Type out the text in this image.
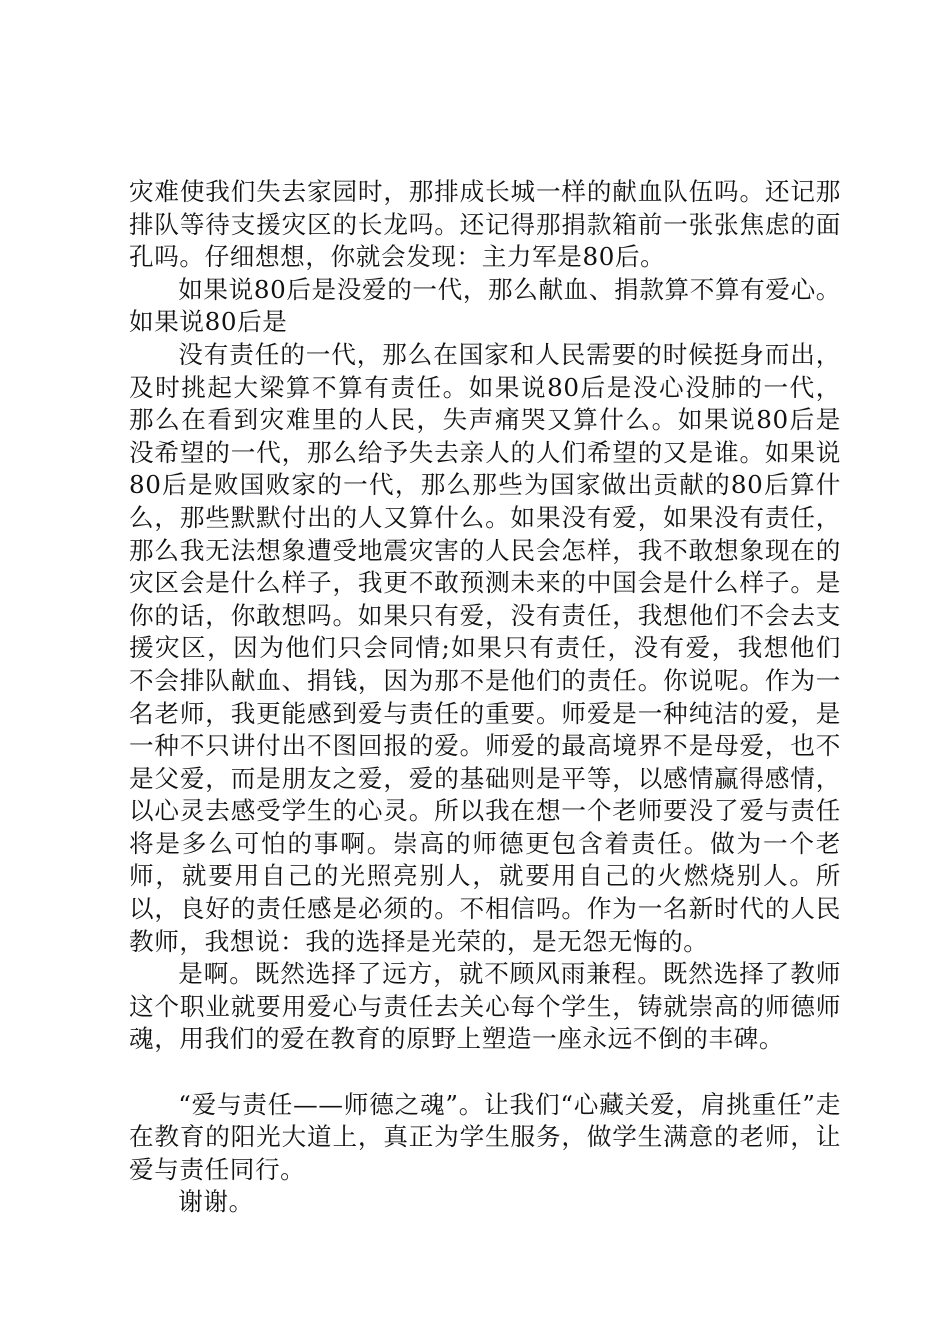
灾难使我们失去家园时，那排成长城一样的献血队伍吗。还记那排队等待支援灾区的长龙吗。还记得那捐款箱前一张张焦虑的面孔吗。仔细想想，你就会发现：主力军是80后。

如果说80后是没爱的一代，那么献血、捐款算不算有爱心。如果说80后是

没有责任的一代，那么在国家和人民需要的时候挺身而出，及时挑起大梁算不算有责任。如果说80后是没心没肺的一代，那么在看到灾难里的人民，失声痛哭又算什么。如果说80后是没希望的一代，那么给予失去亲人的人们希望的又是谁。如果说80后是败国败家的一代，那么那些为国家做出贡献的80后算什么，那些默默付出的人又算什么。如果没有爱，如果没有责任，那么我无法想象遭受地震灾害的人民会怎样，我不敢想象现在的灾区会是什么样子，我更不敢预测未来的中国会是什么样子。是你的话，你敢想吗。如果只有爱，没有责任，我想他们不会去支援灾区，因为他们只会同情;如果只有责任，没有爱，我想他们不会排队献血、捐钱，因为那不是他们的责任。你说呢。作为一名老师，我更能感到爱与责任的重要。师爱是一种纯洁的爱，是一种不只讲付出不图回报的爱。师爱的最高境界不是母爱，也不是父爱，而是朋友之爱，爱的基础则是平等，以感情赢得感情，以心灵去感受学生的心灵。所以我在想一个老师要没了爱与责任将是多么可怕的事啊。崇高的师德更包含着责任。做为一个老师，就要用自己的光照亮别人，就要用自己的火燃烧别人。所以，良好的责任感是必须的。不相信吗。作为一名新时代的人民教师，我想说：我的选择是光荣的，是无怨无悔的。

是啊。既然选择了远方，就不顾风雨兼程。既然选择了教师这个职业就要用爱心与责任去关心每个学生，铸就崇高的师德师魂，用我们的爱在教育的原野上塑造一座永远不倒的丰碑。

“爱与责任——师德之魂”。让我们“心藏关爱，肩挑重任”走在教育的阳光大道上，真正为学生服务，做学生满意的老师，让爱与责任同行。

谢谢。
